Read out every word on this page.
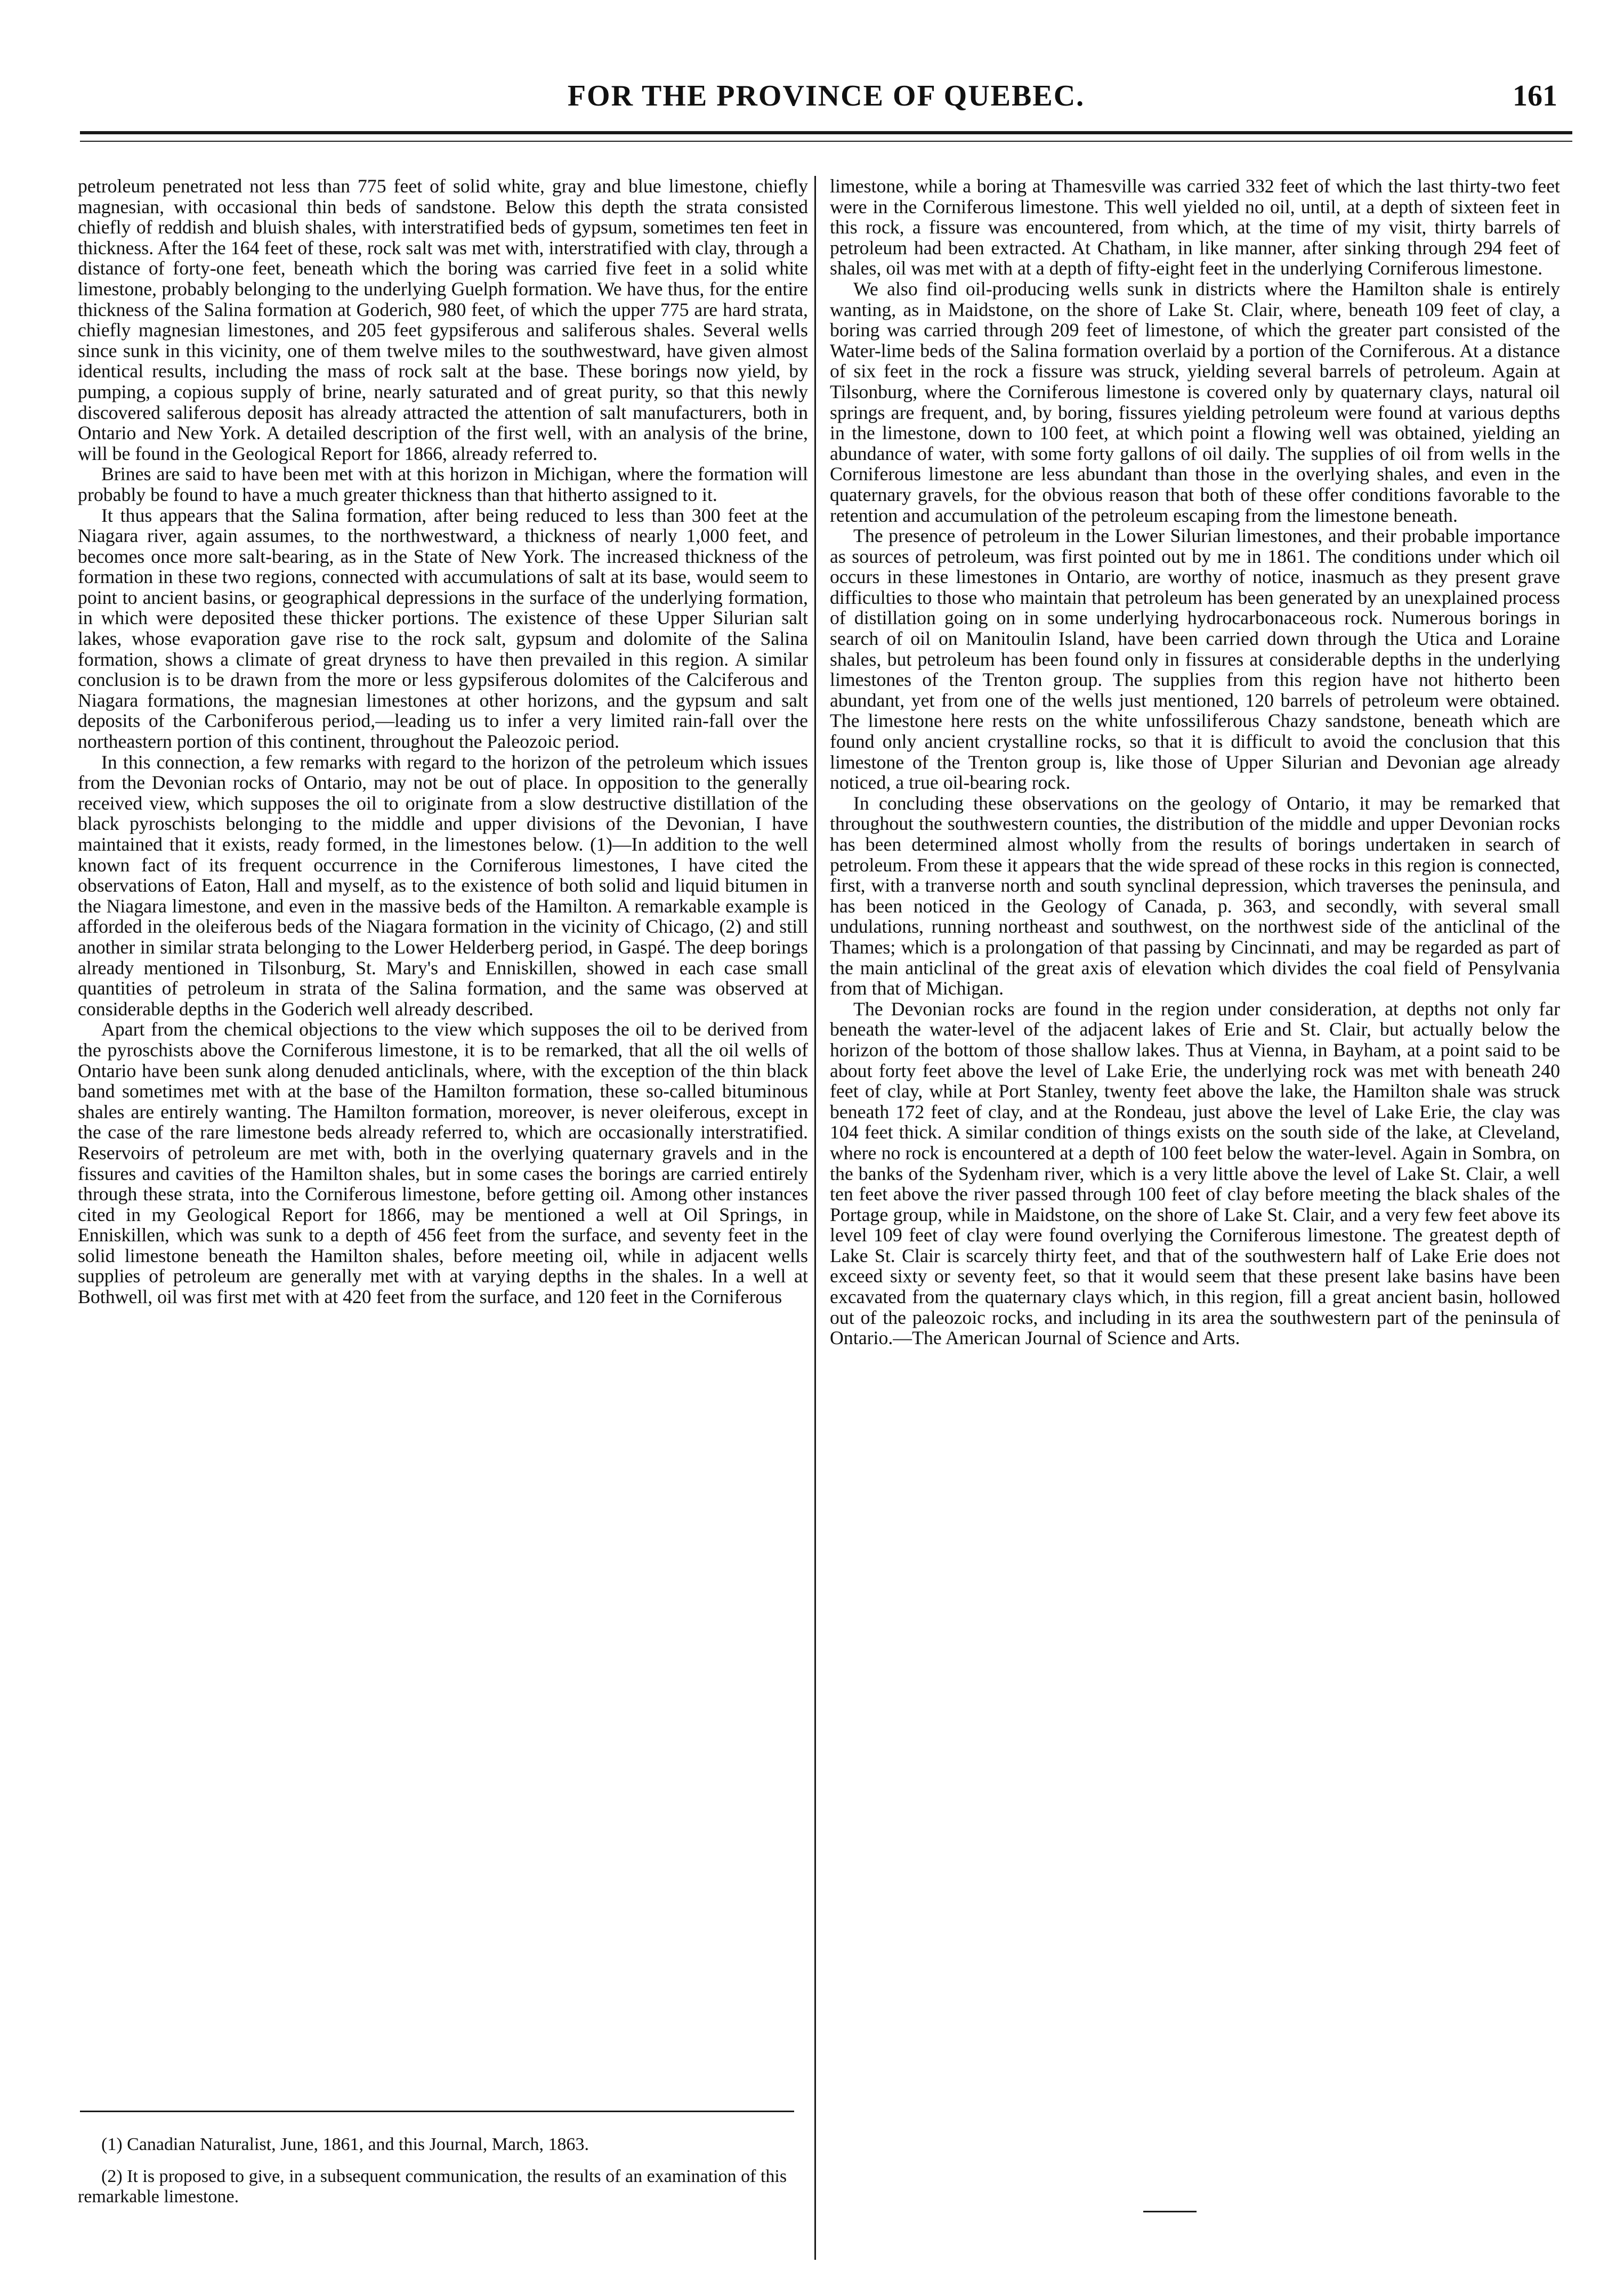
FOR THE PROVINCE OF QUEBEC.	161

petroleum penetrated not less than 775 feet of solid white, gray and blue limestone, chiefly magnesian, with occasional thin beds of sandstone. Below this depth the strata consisted chiefly of reddish and bluish shales, with interstratified beds of gypsum, sometimes ten feet in thickness. After the 164 feet of these, rock salt was met with, interstratified with clay, through a distance of forty-one feet, beneath which the boring was carried five feet in a solid white limestone, probably belonging to the underlying Guelph formation. We have thus, for the entire thickness of the Salina formation at Goderich, 980 feet, of which the upper 775 are hard strata, chiefly magnesian limestones, and 205 feet gypsiferous and saliferous shales. Several wells since sunk in this vicinity, one of them twelve miles to the southwestward, have given almost identical results, including the mass of rock salt at the base. These borings now yield, by pumping, a copious supply of brine, nearly saturated and of great purity, so that this newly discovered saliferous deposit has already attracted the attention of salt manufacturers, both in Ontario and New York. A detailed description of the first well, with an analysis of the brine, will be found in the Geological Report for 1866, already referred to.

Brines are said to have been met with at this horizon in Michigan, where the formation will probably be found to have a much greater thickness than that hitherto assigned to it.

It thus appears that the Salina formation, after being reduced to less than 300 feet at the Niagara river, again assumes, to the northwestward, a thickness of nearly 1,000 feet, and becomes once more salt-bearing, as in the State of New York. The increased thickness of the formation in these two regions, connected with accumulations of salt at its base, would seem to point to ancient basins, or geographical depressions in the surface of the underlying formation, in which were deposited these thicker portions. The existence of these Upper Silurian salt lakes, whose evaporation gave rise to the rock salt, gypsum and dolomite of the Salina formation, shows a climate of great dryness to have then prevailed in this region. A similar conclusion is to be drawn from the more or less gypsiferous dolomites of the Calciferous and Niagara formations, the magnesian limestones at other horizons, and the gypsum and salt deposits of the Carboniferous period,—leading us to infer a very limited rain-fall over the northeastern portion of this continent, throughout the Paleozoic period.

In this connection, a few remarks with regard to the horizon of the petroleum which issues from the Devonian rocks of Ontario, may not be out of place. In opposition to the generally received view, which supposes the oil to originate from a slow destructive distillation of the black pyroschists belonging to the middle and upper divisions of the Devonian, I have maintained that it exists, ready formed, in the limestones below. (1)—In addition to the well known fact of its frequent occurrence in the Corniferous limestones, I have cited the observations of Eaton, Hall and myself, as to the existence of both solid and liquid bitumen in the Niagara limestone, and even in the massive beds of the Hamilton. A remarkable example is afforded in the oleiferous beds of the Niagara formation in the vicinity of Chicago, (2) and still another in similar strata belonging to the Lower Helderberg period, in Gaspé. The deep borings already mentioned in Tilsonburg, St. Mary's and Enniskillen, showed in each case small quantities of petroleum in strata of the Salina formation, and the same was observed at considerable depths in the Goderich well already described.

Apart from the chemical objections to the view which supposes the oil to be derived from the pyroschists above the Corniferous limestone, it is to be remarked, that all the oil wells of Ontario have been sunk along denuded anticlinals, where, with the exception of the thin black band sometimes met with at the base of the Hamilton formation, these so-called bituminous shales are entirely wanting. The Hamilton formation, moreover, is never oleiferous, except in the case of the rare limestone beds already referred to, which are occasionally interstratified. Reservoirs of petroleum are met with, both in the overlying quaternary gravels and in the fissures and cavities of the Hamilton shales, but in some cases the borings are carried entirely through these strata, into the Corniferous limestone, before getting oil. Among other instances cited in my Geological Report for 1866, may be mentioned a well at Oil Springs, in Enniskillen, which was sunk to a depth of 456 feet from the surface, and seventy feet in the solid limestone beneath the Hamilton shales, before meeting oil, while in adjacent wells supplies of petroleum are generally met with at varying depths in the shales. In a well at Bothwell, oil was first met with at 420 feet from the surface, and 120 feet in the Corniferous

limestone, while a boring at Thamesville was carried 332 feet of which the last thirty-two feet were in the Corniferous limestone. This well yielded no oil, until, at a depth of sixteen feet in this rock, a fissure was encountered, from which, at the time of my visit, thirty barrels of petroleum had been extracted. At Chatham, in like manner, after sinking through 294 feet of shales, oil was met with at a depth of fifty-eight feet in the underlying Corniferous limestone.

We also find oil-producing wells sunk in districts where the Hamilton shale is entirely wanting, as in Maidstone, on the shore of Lake St. Clair, where, beneath 109 feet of clay, a boring was carried through 209 feet of limestone, of which the greater part consisted of the Water-lime beds of the Salina formation overlaid by a portion of the Corniferous. At a distance of six feet in the rock a fissure was struck, yielding several barrels of petroleum. Again at Tilsonburg, where the Corniferous limestone is covered only by quaternary clays, natural oil springs are frequent, and, by boring, fissures yielding petroleum were found at various depths in the limestone, down to 100 feet, at which point a flowing well was obtained, yielding an abundance of water, with some forty gallons of oil daily. The supplies of oil from wells in the Corniferous limestone are less abundant than those in the overlying shales, and even in the quaternary gravels, for the obvious reason that both of these offer conditions favorable to the retention and accumulation of the petroleum escaping from the limestone beneath.

The presence of petroleum in the Lower Silurian limestones, and their probable importance as sources of petroleum, was first pointed out by me in 1861. The conditions under which oil occurs in these limestones in Ontario, are worthy of notice, inasmuch as they present grave difficulties to those who maintain that petroleum has been generated by an unexplained process of distillation going on in some underlying hydrocarbonaceous rock. Numerous borings in search of oil on Manitoulin Island, have been carried down through the Utica and Loraine shales, but petroleum has been found only in fissures at considerable depths in the underlying limestones of the Trenton group. The supplies from this region have not hitherto been abundant, yet from one of the wells just mentioned, 120 barrels of petroleum were obtained. The limestone here rests on the white unfossiliferous Chazy sandstone, beneath which are found only ancient crystalline rocks, so that it is difficult to avoid the conclusion that this limestone of the Trenton group is, like those of Upper Silurian and Devonian age already noticed, a true oil-bearing rock.

In concluding these observations on the geology of Ontario, it may be remarked that throughout the southwestern counties, the distribution of the middle and upper Devonian rocks has been determined almost wholly from the results of borings undertaken in search of petroleum. From these it appears that the wide spread of these rocks in this region is connected, first, with a tranverse north and south synclinal depression, which traverses the peninsula, and has been noticed in the Geology of Canada, p. 363, and secondly, with several small undulations, running northeast and southwest, on the northwest side of the anticlinal of the Thames; which is a prolongation of that passing by Cincinnati, and may be regarded as part of the main anticlinal of the great axis of elevation which divides the coal field of Pensylvania from that of Michigan.

The Devonian rocks are found in the region under consideration, at depths not only far beneath the water-level of the adjacent lakes of Erie and St. Clair, but actually below the horizon of the bottom of those shallow lakes. Thus at Vienna, in Bayham, at a point said to be about forty feet above the level of Lake Erie, the underlying rock was met with beneath 240 feet of clay, while at Port Stanley, twenty feet above the lake, the Hamilton shale was struck beneath 172 feet of clay, and at the Rondeau, just above the level of Lake Erie, the clay was 104 feet thick. A similar condition of things exists on the south side of the lake, at Cleveland, where no rock is encountered at a depth of 100 feet below the water-level. Again in Sombra, on the banks of the Sydenham river, which is a very little above the level of Lake St. Clair, a well ten feet above the river passed through 100 feet of clay before meeting the black shales of the Portage group, while in Maidstone, on the shore of Lake St. Clair, and a very few feet above its level 109 feet of clay were found overlying the Corniferous limestone. The greatest depth of Lake St. Clair is scarcely thirty feet, and that of the southwestern half of Lake Erie does not exceed sixty or seventy feet, so that it would seem that these present lake basins have been excavated from the quaternary clays which, in this region, fill a great ancient basin, hollowed out of the paleozoic rocks, and including in its area the southwestern part of the peninsula of Ontario.—The American Journal of Science and Arts.

(1) Canadian Naturalist, June, 1861, and this Journal, March, 1863.

(2) It is proposed to give, in a subsequent communication, the results of an examination of this remarkable limestone.
